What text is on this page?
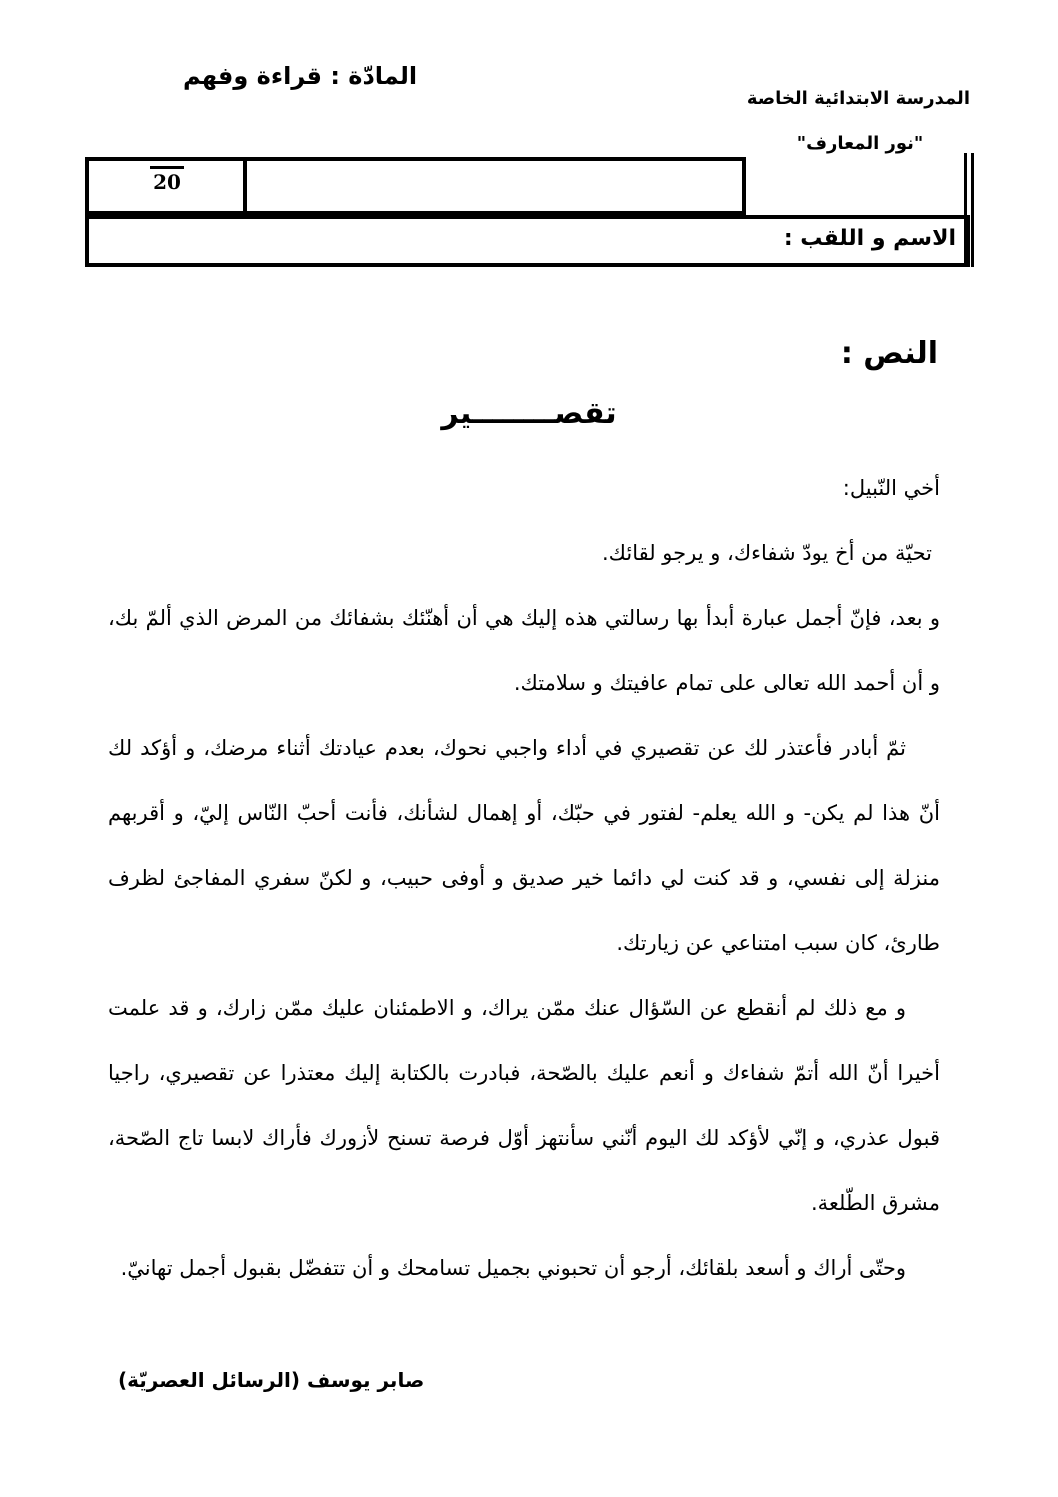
المادّة : قراءة وفهم
المدرسة الابتدائية الخاصة
"نور المعارف"
20
الاسم و اللقب :
النص :
تقصــــــــير

أخي النّبيل:

تحيّة من أخ يودّ شفاءك، و يرجو لقائك.

و بعد، فإنّ أجمل عبارة أبدأ بها رسالتي هذه إليك هي أن أهنّئك بشفائك من المرض الذي ألمّ بك، و أن أحمد الله تعالى على تمام عافيتك و سلامتك.

ثمّ أبادر فأعتذر لك عن تقصيري في أداء واجبي نحوك، بعدم عيادتك أثناء مرضك، و أؤكد لك أنّ هذا لم يكن- و الله يعلم- لفتور في حبّك، أو إهمال لشأنك، فأنت أحبّ النّاس إليّ، و أقربهم منزلة إلى نفسي، و قد كنت لي دائما خير صديق و أوفى حبيب، و لكنّ سفري المفاجئ لظرف طارئ، كان سبب امتناعي عن زيارتك.

و مع ذلك لم أنقطع عن السّؤال عنك ممّن يراك، و الاطمئنان عليك ممّن زارك، و قد علمت أخيرا أنّ الله أتمّ شفاءك و أنعم عليك بالصّحة، فبادرت بالكتابة إليك معتذرا عن تقصيري، راجيا قبول عذري، و إنّي لأؤكد لك اليوم أنّني سأنتهز أوّل فرصة تسنح لأزورك فأراك لابسا تاج الصّحة، مشرق الطّلعة.

وحتّى أراك و أسعد بلقائك، أرجو أن تحبوني بجميل تسامحك و أن تتفضّل بقبول أجمل تهانيّ.

صابر يوسف (الرسائل العصريّة)
